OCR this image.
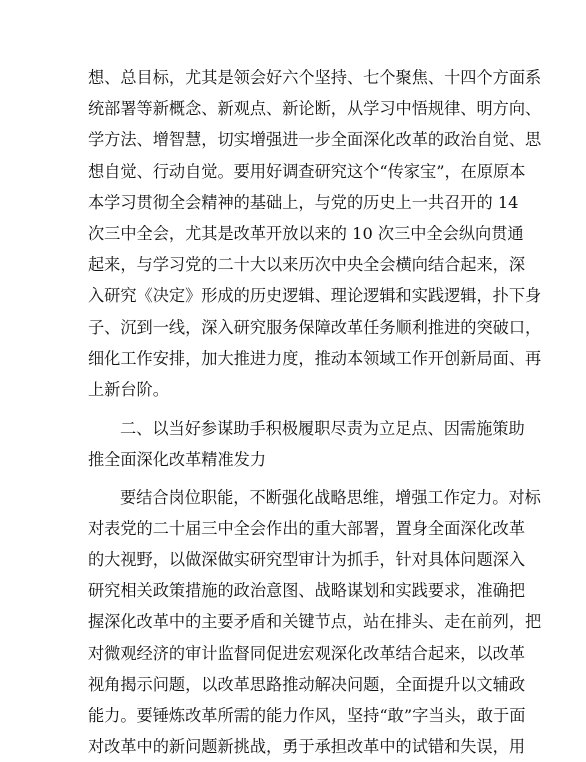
想、总目标，尤其是领会好六个坚持、七个聚焦、十四个方面系
统部署等新概念、新观点、新论断，从学习中悟规律、明方向、
学方法、增智慧，切实增强进一步全面深化改革的政治自觉、思
想自觉、行动自觉。要用好调查研究这个“传家宝”，在原原本
本学习贯彻全会精神的基础上，与党的历史上一共召开的 14
次三中全会，尤其是改革开放以来的 10 次三中全会纵向贯通
起来，与学习党的二十大以来历次中央全会横向结合起来，深
入研究《决定》形成的历史逻辑、理论逻辑和实践逻辑，扑下身
子、沉到一线，深入研究服务保障改革任务顺利推进的突破口，
细化工作安排，加大推进力度，推动本领域工作开创新局面、再
上新台阶。
二、以当好参谋助手积极履职尽责为立足点、因需施策助
推全面深化改革精准发力
要结合岗位职能，不断强化战略思维，增强工作定力。对标
对表党的二十届三中全会作出的重大部署，置身全面深化改革
的大视野，以做深做实研究型审计为抓手，针对具体问题深入
研究相关政策措施的政治意图、战略谋划和实践要求，准确把
握深化改革中的主要矛盾和关键节点，站在排头、走在前列，把
对微观经济的审计监督同促进宏观深化改革结合起来，以改革
视角揭示问题，以改革思路推动解决问题，全面提升以文辅政
能力。要锤炼改革所需的能力作风，坚持“敢”字当头，敢于面
对改革中的新问题新挑战，勇于承担改革中的试错和失误，用
